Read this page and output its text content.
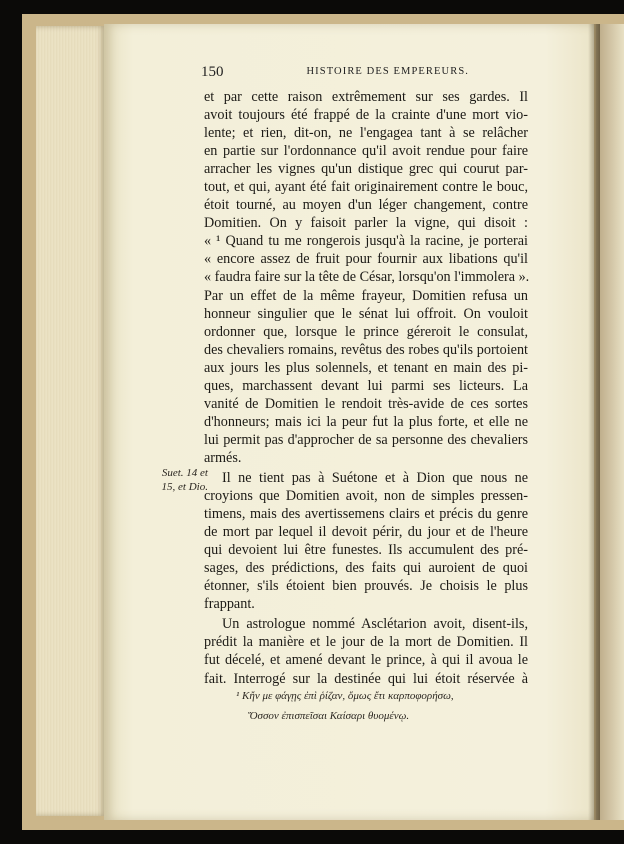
150	HISTOIRE DES EMPEREURS.

et par cette raison extrêmement sur ses gardes. Il
avoit toujours été frappé de la crainte d'une mort vio-
lente; et rien, dit-on, ne l'engagea tant à se relâcher
en partie sur l'ordonnance qu'il avoit rendue pour faire
arracher les vignes qu'un distique grec qui courut par-
tout, et qui, ayant été fait originairement contre le bouc,
étoit tourné, au moyen d'un léger changement, contre
Domitien. On y faisoit parler la vigne, qui disoit :
« ¹ Quand tu me rongerois jusqu'à la racine, je porterai
« encore assez de fruit pour fournir aux libations qu'il
« faudra faire sur la tête de César, lorsqu'on l'immolera ».
Par un effet de la même frayeur, Domitien refusa un
honneur singulier que le sénat lui offroit. On vouloit
ordonner que, lorsque le prince géreroit le consulat,
des chevaliers romains, revêtus des robes qu'ils portoient
aux jours les plus solennels, et tenant en main des pi-
ques, marchassent devant lui parmi ses licteurs. La
vanité de Domitien le rendoit très-avide de ces sortes
d'honneurs; mais ici la peur fut la plus forte, et elle ne
lui permit pas d'approcher de sa personne des chevaliers
armés.

Il ne tient pas à Suétone et à Dion que nous ne
croyions que Domitien avoit, non de simples pressen-
timens, mais des avertissemens clairs et précis du genre
de mort par lequel il devoit périr, du jour et de l'heure
qui devoient lui être funestes. Ils accumulent des pré-
sages, des prédictions, des faits qui auroient de quoi
étonner, s'ils étoient bien prouvés. Je choisis le plus
frappant.

Un astrologue nommé Asclétarion avoit, disent-ils,
prédit la manière et le jour de la mort de Domitien. Il
fut décelé, et amené devant le prince, à qui il avoua le
fait. Interrogé sur la destinée qui lui étoit réservée à

Suet. 14 et
15, et Dio.
¹ Κἤν με φάγῃς ἐπὶ ῥίζαν, ὅμως ἔτι καρποφορήσω,
Ὅσσον ἐπισπεῖσαι Καίσαρι θυομένῳ.
